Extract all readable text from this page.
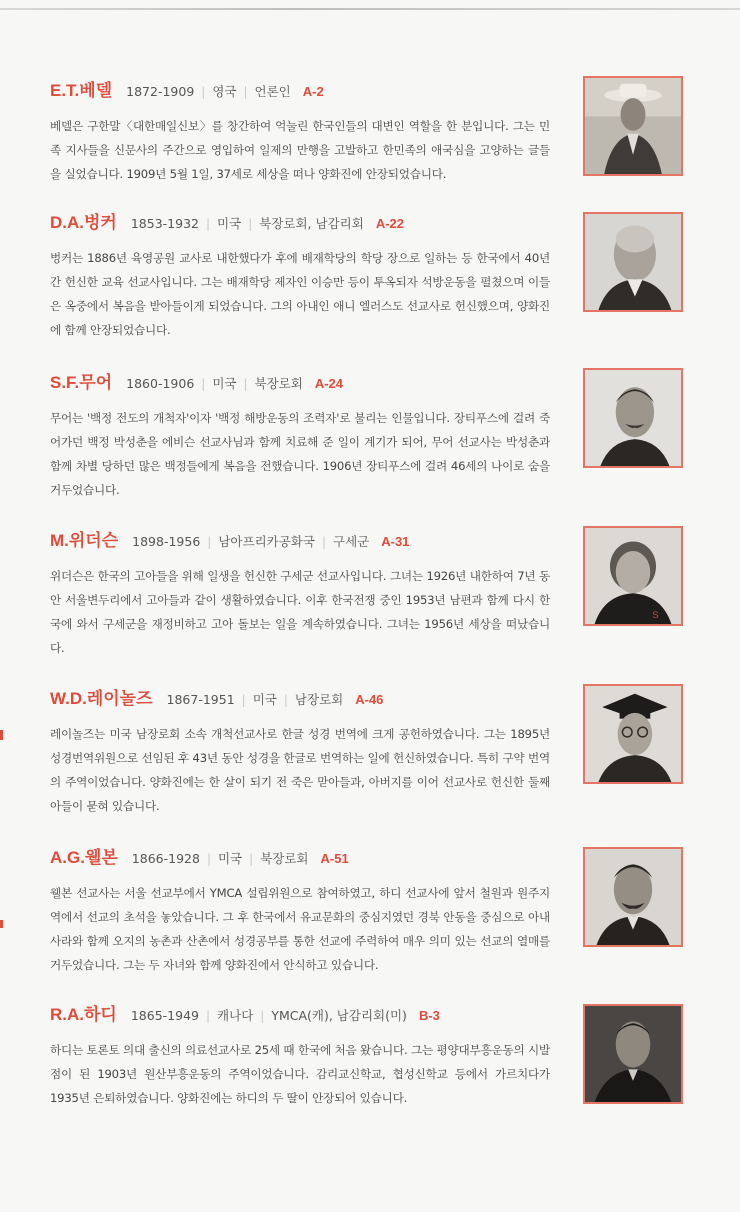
E.T.베델 1872-1909 | 영국 | 언론인 A-2
베델은 구한말〈대한매일신보〉를 창간하여 억눌린 한국인들의 대변인 역할을 한 분입니다. 그는 민족 지사들을 신문사의 주간으로 영입하여 일제의 만행을 고발하고 한민족의 애국심을 고양하는 글들을 실었습니다. 1909년 5월 1일, 37세로 세상을 떠나 양화진에 안장되었습니다.
D.A.벙커 1853-1932 | 미국 | 북장로회, 남감리회 A-22
벙커는 1886년 육영공원 교사로 내한했다가 후에 배재학당의 학당 장으로 일하는 등 한국에서 40년간 헌신한 교육 선교사입니다. 그는 배재학당 제자인 이승만 등이 투옥되자 석방운동을 펼쳤으며 이들은 옥중에서 복음을 받아들이게 되었습니다. 그의 아내인 애니 엘러스도 선교사로 헌신했으며, 양화진에 함께 안장되었습니다.
S.F.무어 1860-1906 | 미국 | 북장로회 A-24
무어는 '백정 전도의 개척자'이자 '백정 해방운동의 조력자'로 불리는 인물입니다. 장티푸스에 걸려 죽어가던 백정 박성춘을 에비슨 선교사님과 함께 치료해 준 일이 계기가 되어, 무어 선교사는 박성춘과 함께 차별 당하던 많은 백정들에게 복음을 전했습니다. 1906년 장티푸스에 걸려 46세의 나이로 숨을 거두었습니다.
M.위더슨 1898-1956 | 남아프리카공화국 | 구세군 A-31
위더슨은 한국의 고아들을 위해 일생을 헌신한 구세군 선교사입니다. 그녀는 1926년 내한하여 7년 동안 서울변두리에서 고아들과 같이 생활하였습니다. 이후 한국전쟁 중인 1953년 남편과 함께 다시 한국에 와서 구세군을 재정비하고 고아 돌보는 일을 계속하였습니다. 그녀는 1956년 세상을 떠났습니다.
S
W.D.레이놀즈 1867-1951 | 미국 | 남장로회 A-46
레이놀즈는 미국 남장로회 소속 개척선교사로 한글 성경 번역에 크게 공헌하였습니다. 그는 1895년 성경번역위원으로 선임된 후 43년 동안 성경을 한글로 번역하는 일에 헌신하였습니다. 특히 구약 번역의 주역이었습니다. 양화진에는 한 살이 되기 전 죽은 맏아들과, 아버지를 이어 선교사로 헌신한 둘째 아들이 묻혀 있습니다.
A.G.웰본 1866-1928 | 미국 | 북장로회 A-51
웰본 선교사는 서울 선교부에서 YMCA 설립위원으로 참여하였고, 하디 선교사에 앞서 철원과 원주지역에서 선교의 초석을 놓았습니다. 그 후 한국에서 유교문화의 중심지였던 경북 안동을 중심으로 아내 사라와 함께 오지의 농촌과 산촌에서 성경공부를 통한 선교에 주력하여 매우 의미 있는 선교의 열매를 거두었습니다. 그는 두 자녀와 함께 양화진에서 안식하고 있습니다.
R.A.하디 1865-1949 | 캐나다 | YMCA(캐), 남감리회(미) B-3
하디는 토론토 의대 출신의 의료선교사로 25세 때 한국에 처음 왔습니다. 그는 평양대부흥운동의 시발점이 된 1903년 원산부흥운동의 주역이었습니다. 감리교신학교, 협성신학교 등에서 가르치다가 1935년 은퇴하였습니다. 양화진에는 하디의 두 딸이 안장되어 있습니다.
